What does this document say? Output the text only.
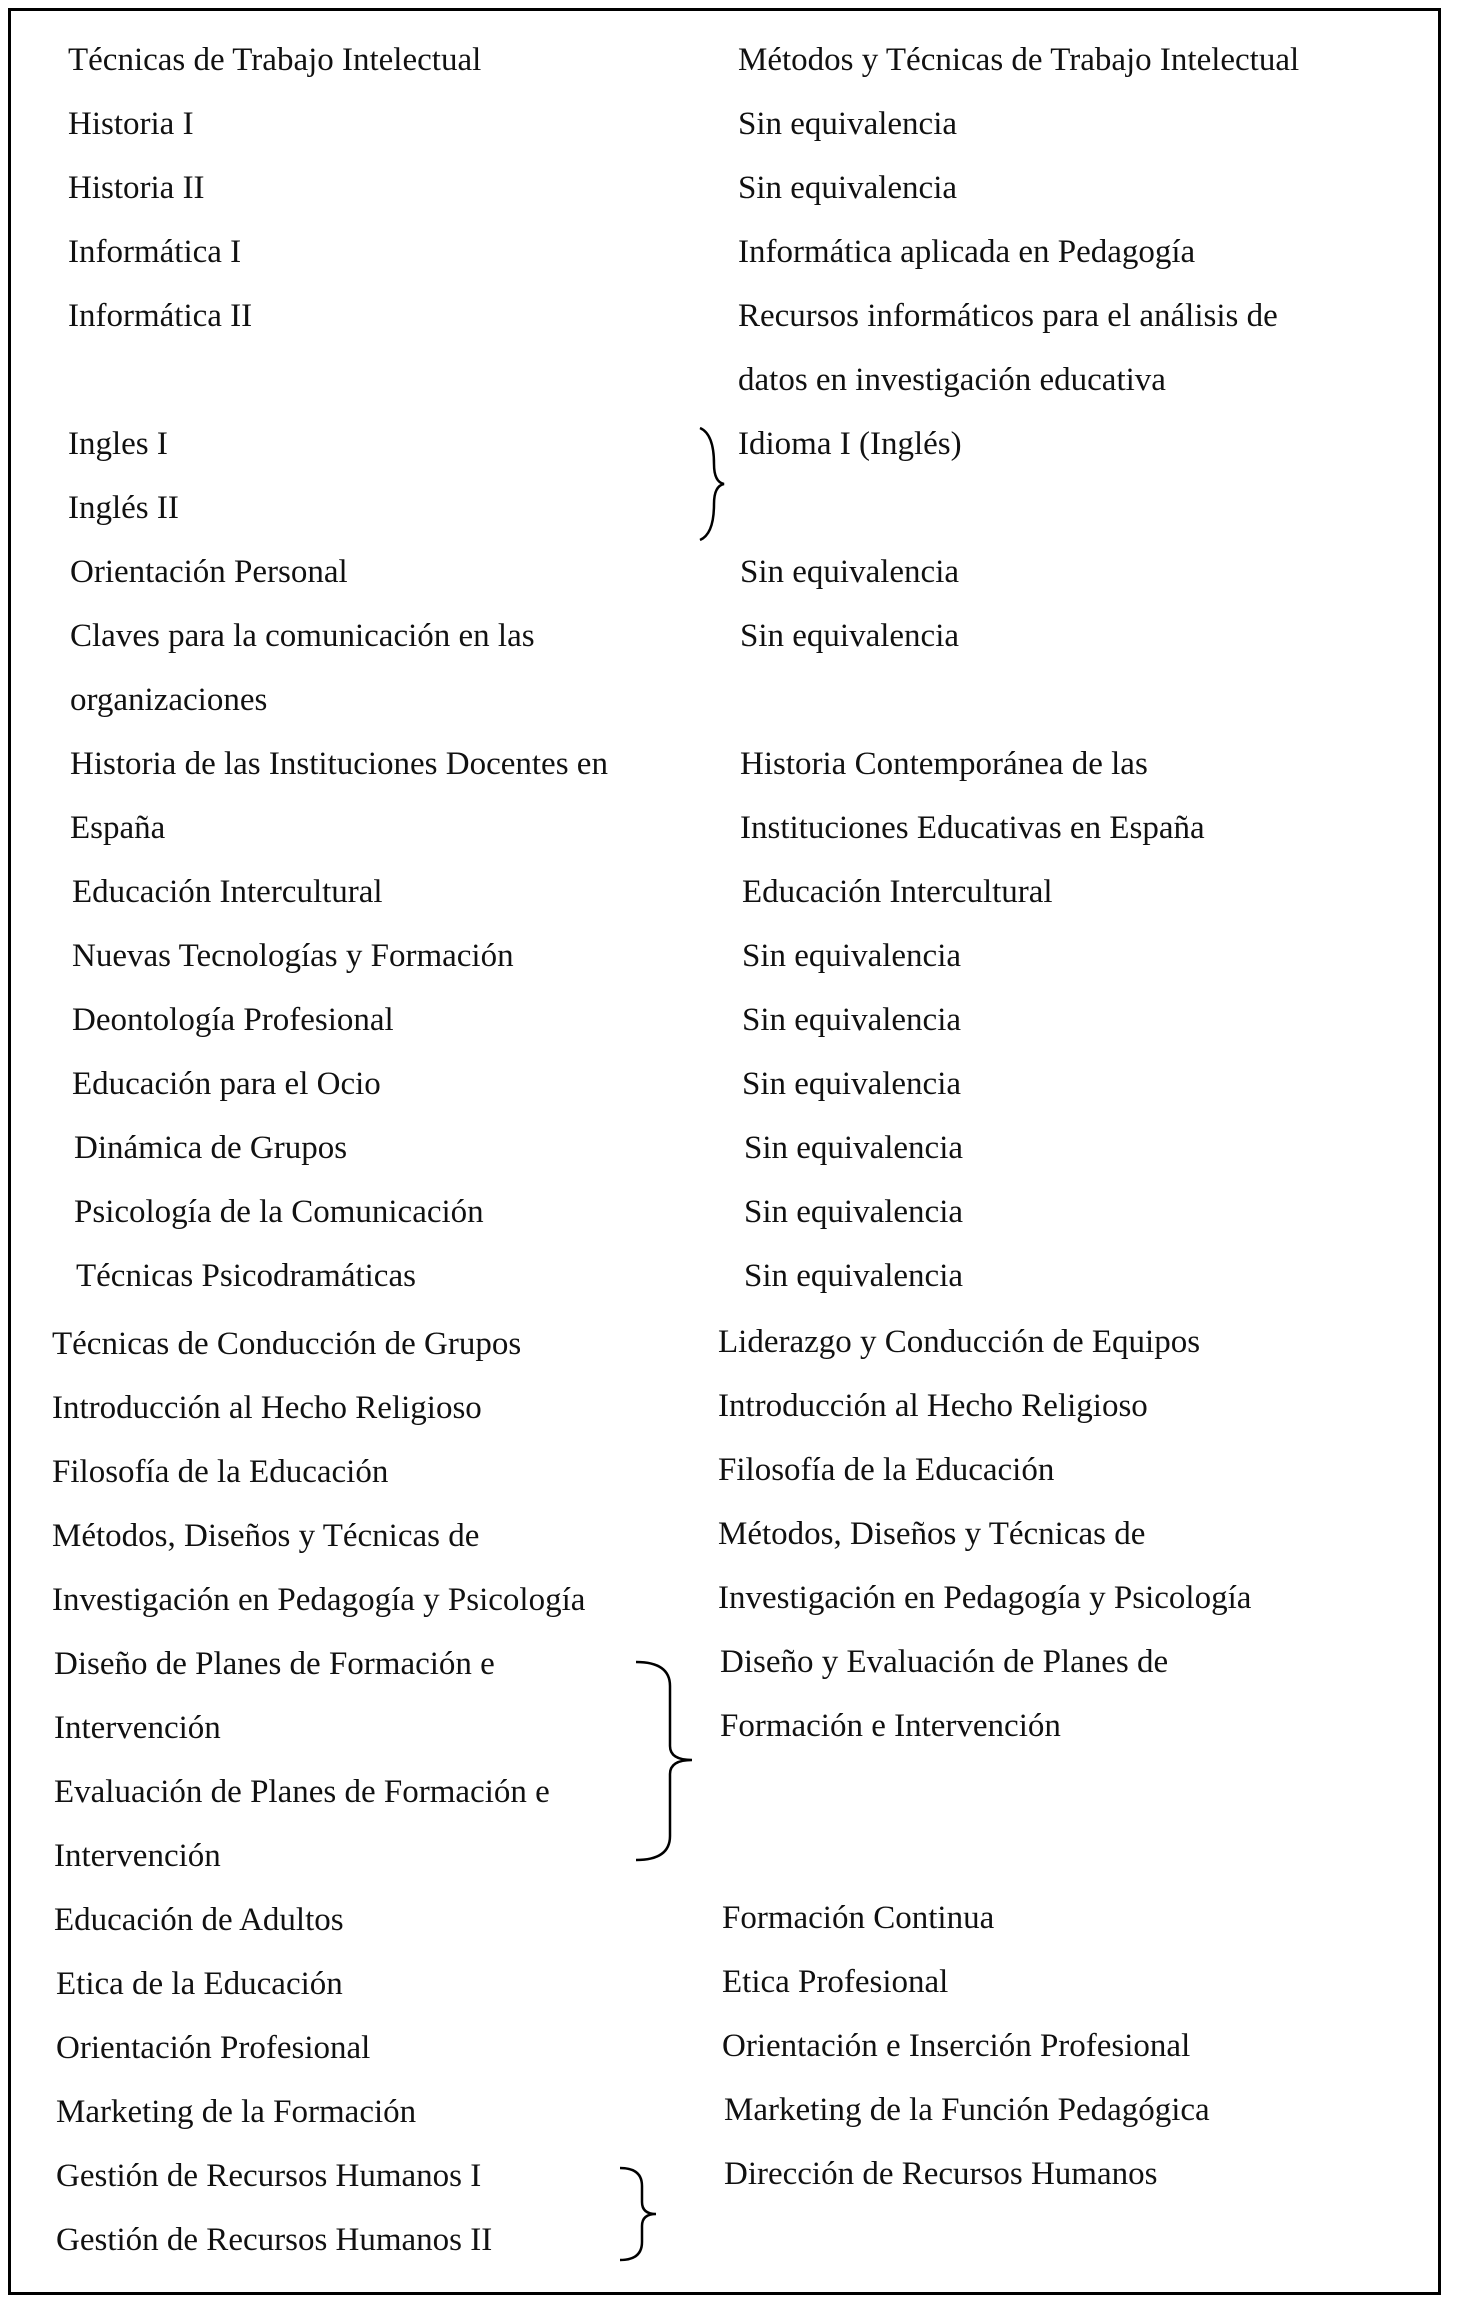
Técnicas de Trabajo Intelectual	Métodos y Técnicas de Trabajo Intelectual
Historia I	Sin equivalencia
Historia II	Sin equivalencia
Informática I	Informática aplicada en Pedagogía
Informática II	Recursos informáticos para el análisis de
datos en investigación educativa
Ingles I	Idioma I (Inglés)
Inglés II
Orientación Personal	Sin equivalencia
Claves para la comunicación en las	Sin equivalencia
organizaciones
Historia de las Instituciones Docentes en	Historia Contemporánea de las
España	Instituciones Educativas en España
Educación Intercultural	Educación Intercultural
Nuevas Tecnologías y Formación	Sin equivalencia
Deontología Profesional	Sin equivalencia
Educación para el Ocio	Sin equivalencia
Dinámica de Grupos	Sin equivalencia
Psicología de la Comunicación	Sin equivalencia
Técnicas Psicodramáticas	Sin equivalencia
Técnicas de Conducción de Grupos	Liderazgo y Conducción de Equipos
Introducción al Hecho Religioso	Introducción al Hecho Religioso
Filosofía de la Educación	Filosofía de la Educación
Métodos, Diseños y Técnicas de	Métodos, Diseños y Técnicas de
Investigación en Pedagogía y Psicología	Investigación en Pedagogía y Psicología
Diseño de Planes de Formación e	Diseño y Evaluación de Planes de
Intervención	Formación e Intervención
Evaluación de Planes de Formación e
Intervención
Educación de Adultos	Formación Continua
Etica de la Educación	Etica Profesional
Orientación Profesional	Orientación e Inserción Profesional
Marketing de la Formación	Marketing de la Función Pedagógica
Gestión de Recursos Humanos I	Dirección de Recursos Humanos
Gestión de Recursos Humanos II
